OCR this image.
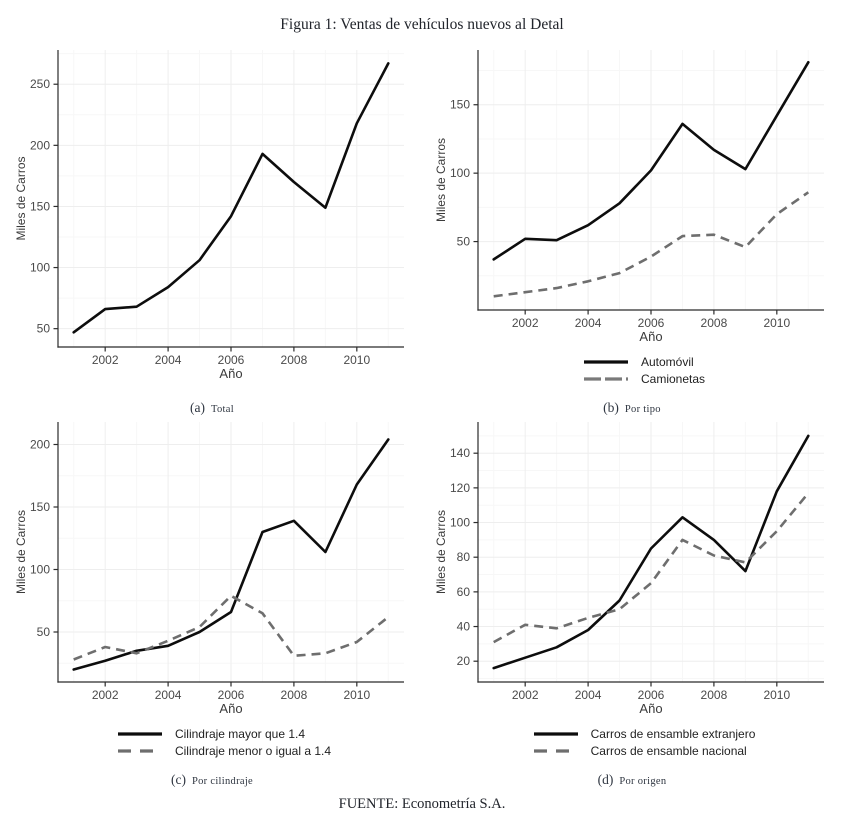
Figura 1: Ventas de vehículos nuevos al Detal
2002	2004	2006	2008	2010
50
100
150
200
250
Año
Miles de Carros
(a) Total
2002	2004	2006	2008	2010
50
100
150
Año
Miles de Carros
Automóvil
Camionetas
(b) Por tipo
2002	2004	2006	2008	2010
50
100
150
200
Año
Miles de Carros
Cilindraje mayor que 1.4
Cilindraje menor o igual a 1.4
(c) Por cilindraje
2002	2004	2006	2008	2010
20
40
60
80
100
120
140
Año
Miles de Carros
Carros de ensamble extranjero
Carros de ensamble nacional
(d) Por origen
FUENTE: Econometría S.A.
